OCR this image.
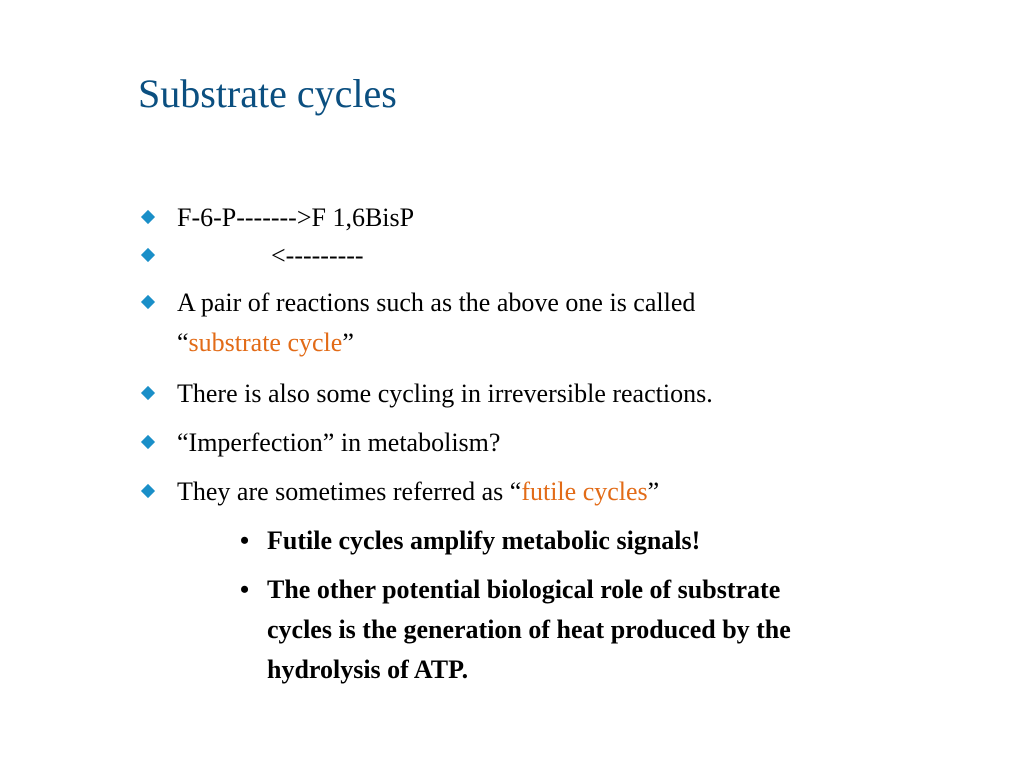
Substrate cycles
F-6-P------->F 1,6BisP
<---------
A pair of reactions such as the above one is called
“substrate cycle”
There is also some cycling in irreversible reactions.
“Imperfection” in metabolism?
They are sometimes referred as “futile cycles”
• Futile cycles amplify metabolic signals!
• The other potential biological role of substrate
cycles is the generation of heat produced by the
hydrolysis of ATP.
